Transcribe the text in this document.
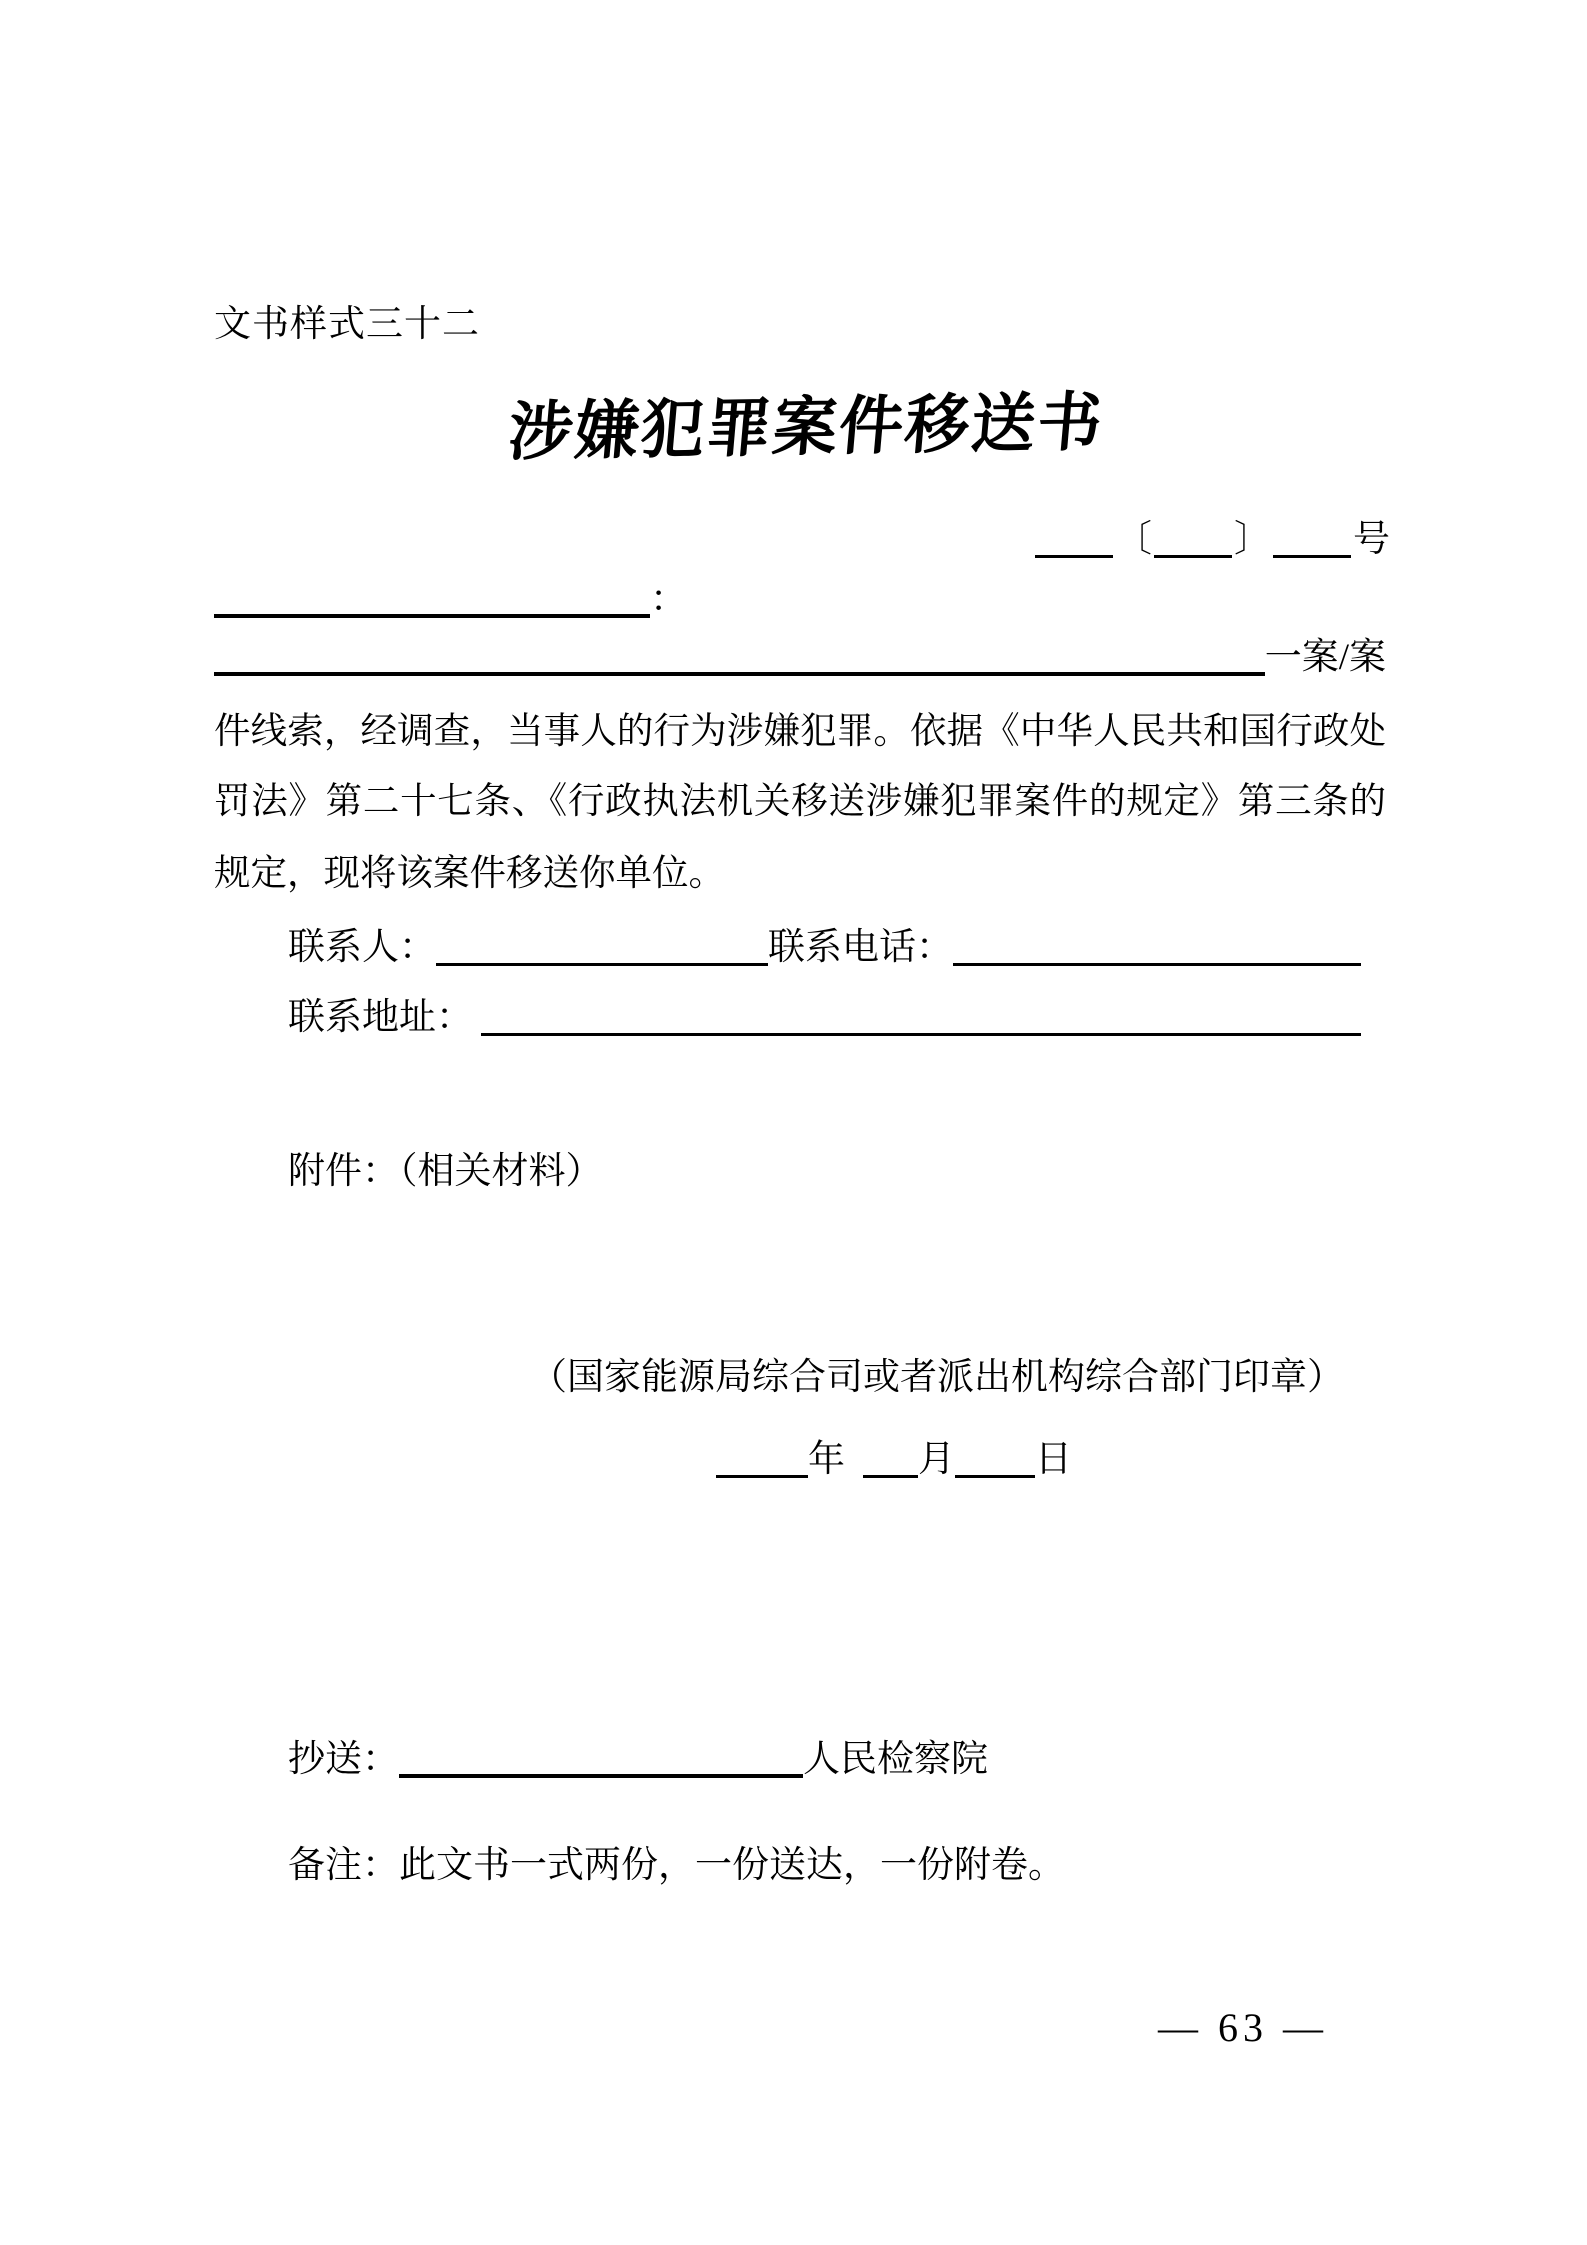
文书样式三十二
涉嫌犯罪案件移送书
〔 〕 号
：
一案/案
件线索，经调查，当事人的行为涉嫌犯罪。依据《中华人民共和国行政处
罚法》第二十七条、《行政执法机关移送涉嫌犯罪案件的规定》第三条的
规定，现将该案件移送你单位。
联系人：	联系电话：
联系地址：
附件：（相关材料）
（国家能源局综合司或者派出机构综合部门印章）
年 月 日
抄送：	人民检察院
备注：此文书一式两份，一份送达，一份附卷。
— 63 —
